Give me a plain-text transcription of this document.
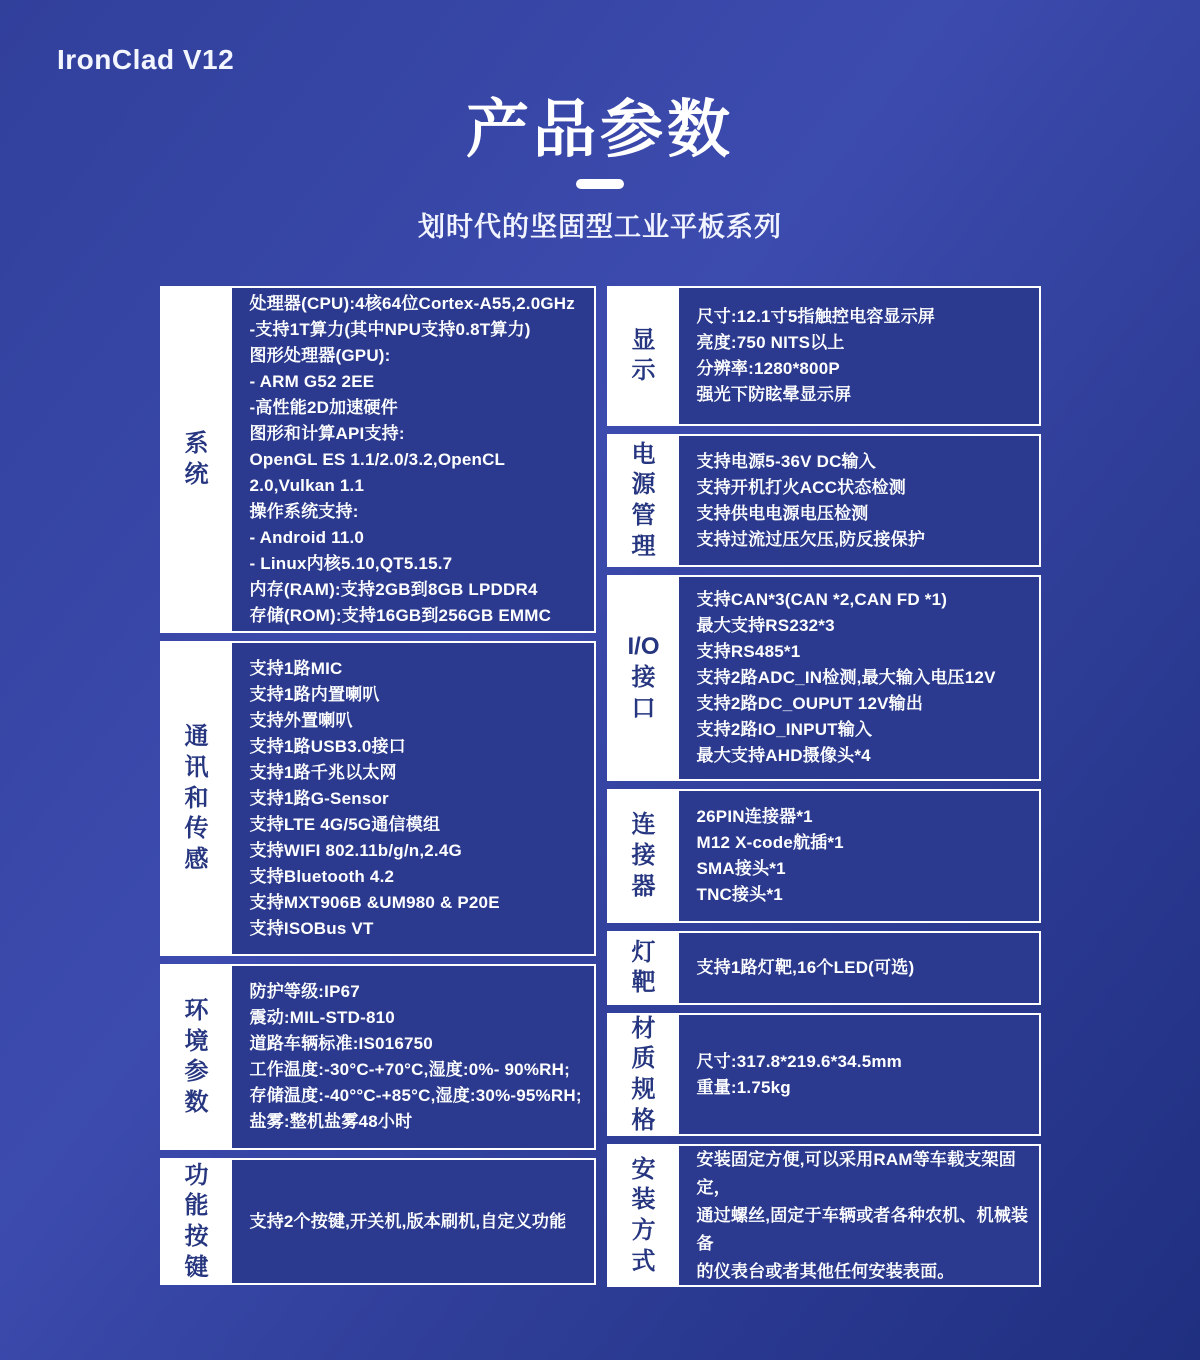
IronClad V12
产品参数
划时代的坚固型工业平板系列
系
统
处理器(CPU):4核64位Cortex-A55,2.0GHz
-支持1T算力(其中NPU支持0.8T算力)
图形处理器(GPU):
- ARM G52 2EE
-高性能2D加速硬件
图形和计算API支持:
OpenGL ES 1.1/2.0/3.2,OpenCL 2.0,Vulkan 1.1
操作系统支持:
- Android 11.0
- Linux内核5.10,QT5.15.7
内存(RAM):支持2GB到8GB LPDDR4
存储(ROM):支持16GB到256GB EMMC
通
讯
和
传
感
支持1路MIC
支持1路内置喇叭
支持外置喇叭
支持1路USB3.0接口
支持1路千兆以太网
支持1路G-Sensor
支持LTE 4G/5G通信模组
支持WIFI 802.11b/g/n,2.4G
支持Bluetooth 4.2
支持MXT906B &UM980 & P20E
支持ISOBus VT
环
境
参
数
防护等级:IP67
震动:MIL-STD-810
道路车辆标准:IS016750
工作温度:-30°C-+70°C,湿度:0%- 90%RH;
存储温度:-40°°C-+85°C,湿度:30%-95%RH;
盐雾:整机盐雾48小时
功
能
按
键
支持2个按键,开关机,版本刷机,自定义功能
显
示
尺寸:12.1寸5指触控电容显示屏
亮度:750 NITS以上
分辨率:1280*800P
强光下防眩晕显示屏
电
源
管
理
支持电源5-36V DC输入
支持开机打火ACC状态检测
支持供电电源电压检测
支持过流过压欠压,防反接保护
I/O
接
口
支持CAN*3(CAN *2,CAN FD *1)
最大支持RS232*3
支持RS485*1
支持2路ADC_IN检测,最大输入电压12V
支持2路DC_OUPUT 12V输出
支持2路IO_INPUT输入
最大支持AHD摄像头*4
连
接
器
26PIN连接器*1
M12 X-code航插*1
SMA接头*1
TNC接头*1
灯
靶
支持1路灯靶,16个LED(可选)
材
质
规
格
尺寸:317.8*219.6*34.5mm
重量:1.75kg
安
装
方
式
安装固定方便,可以采用RAM等车载支架固定，
通过螺丝,固定于车辆或者各种农机、机械装备
的仪表台或者其他任何安装表面。
